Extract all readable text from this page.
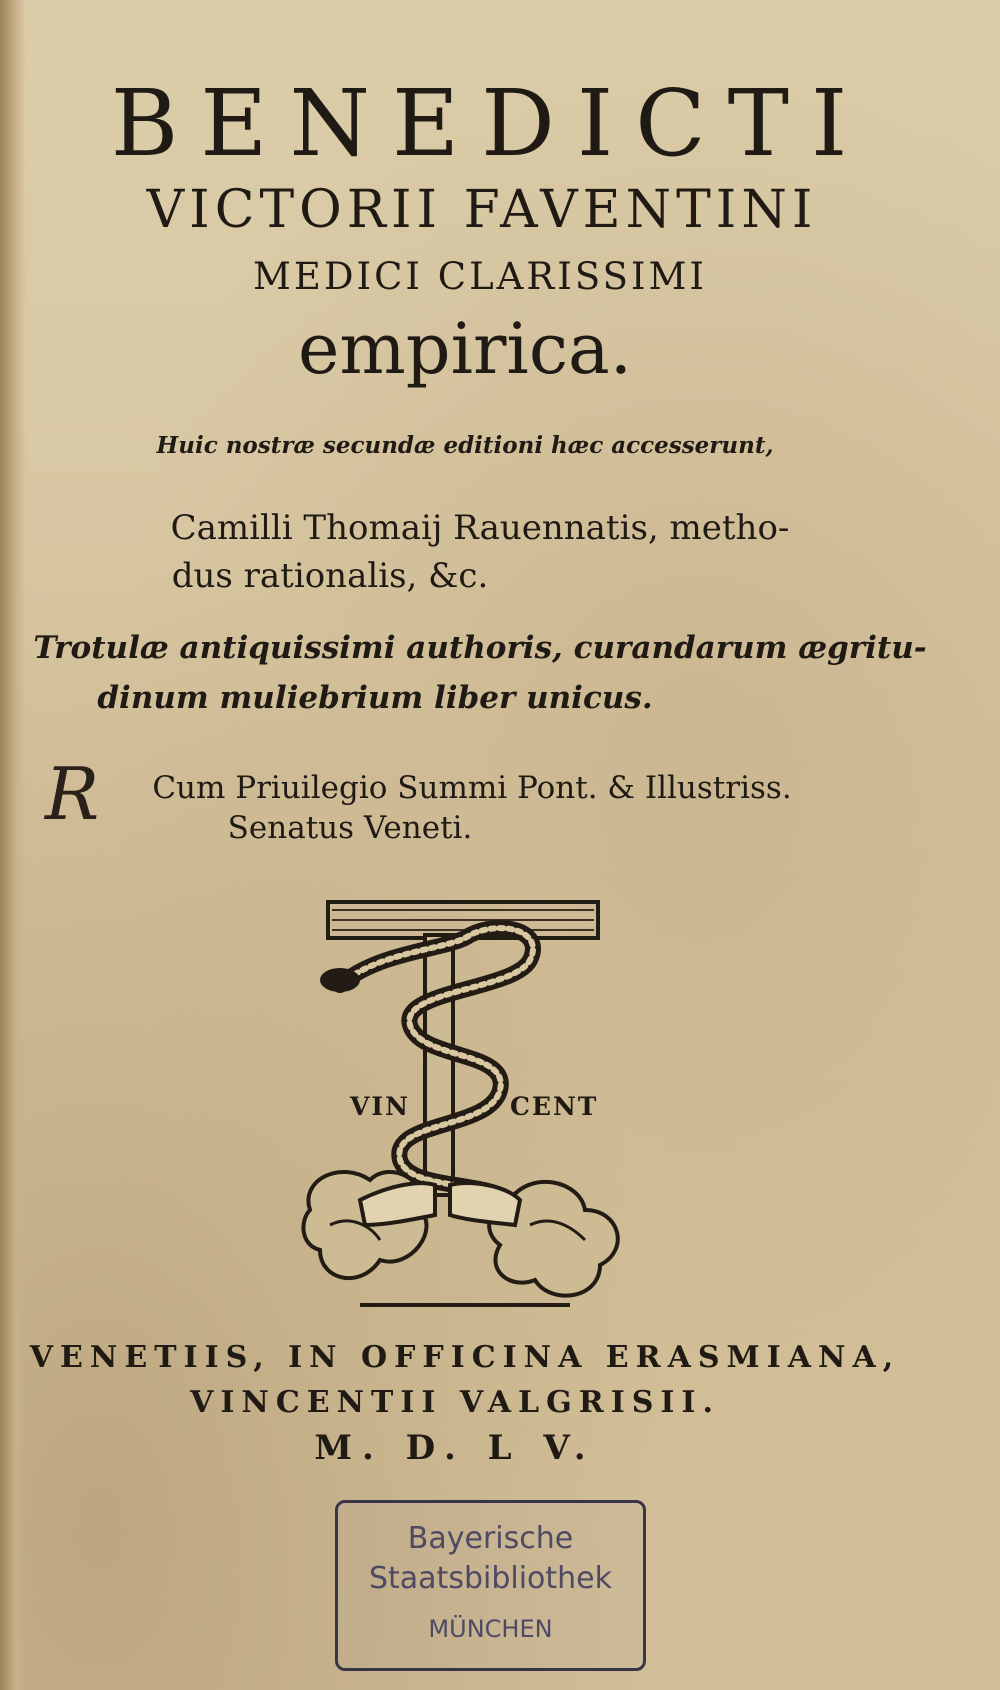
BENEDICTI
VICTORII FAVENTINI
MEDICI CLARISSIMI
empirica.
Huic nostræ secundæ editioni hæc accesserunt,
Camilli Thomaij Rauennatis, metho-
dus rationalis, &c.
Trotulæ antiquissimi authoris, curandarum ægritu-
dinum muliebrium liber unicus.
R	Cum Priuilegio Summi Pont. & Illustriss.
Senatus Veneti.
VIN	CENT
VENETIIS, IN OFFICINA ERASMIANA,
VINCENTII VALGRISII.
M. D. L V.
Bayerische
Staatsbibliothek
MÜNCHEN
